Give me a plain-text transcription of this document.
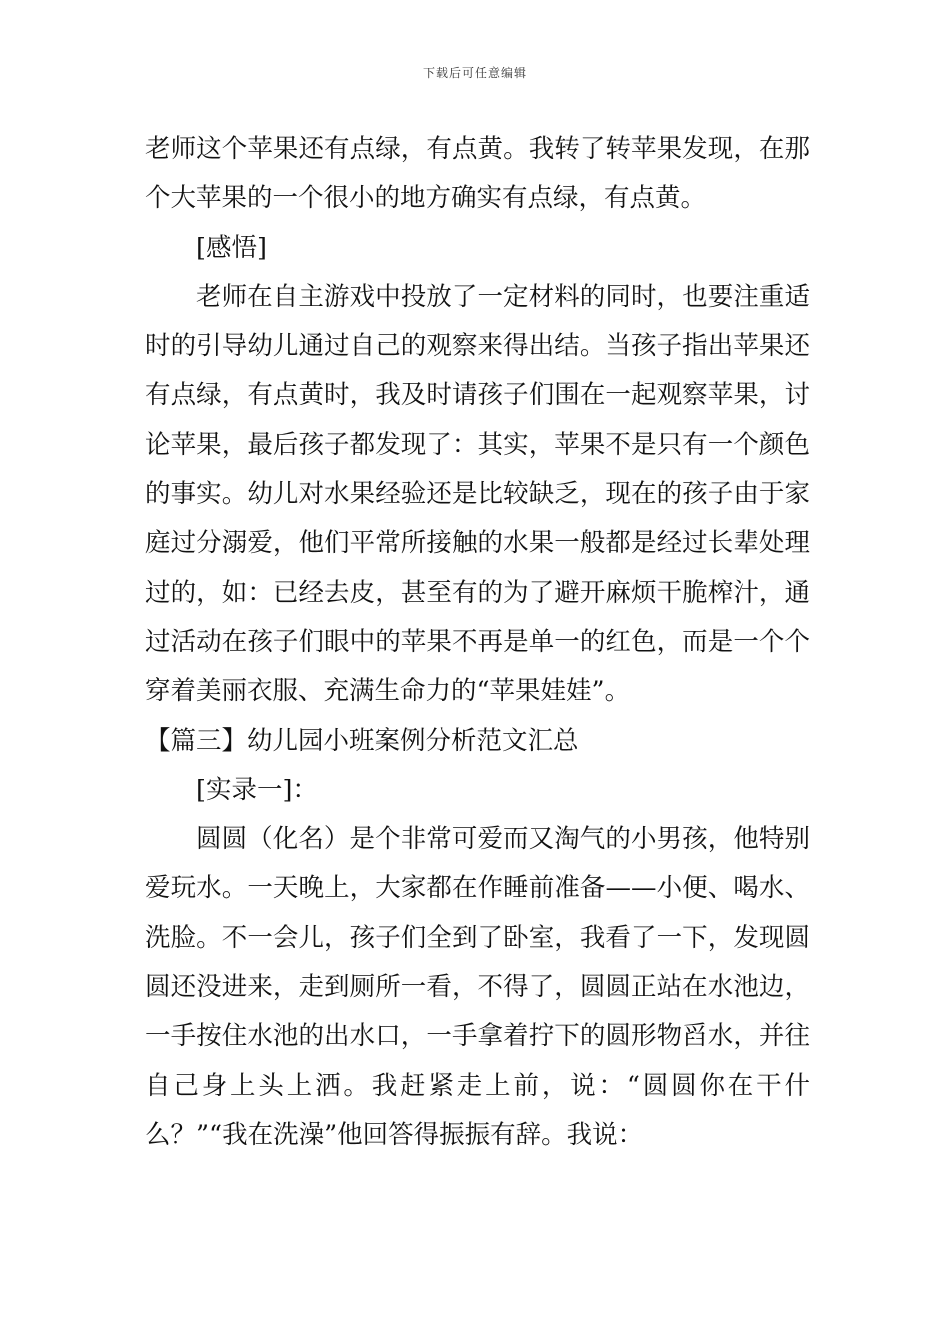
下载后可任意编辑

老师这个苹果还有点绿，有点黄。我转了转苹果发现，在那个大苹果的一个很小的地方确实有点绿，有点黄。

[感悟]

老师在自主游戏中投放了一定材料的同时，也要注重适时的引导幼儿通过自己的观察来得出结。当孩子指出苹果还有点绿，有点黄时，我及时请孩子们围在一起观察苹果，讨论苹果，最后孩子都发现了：其实，苹果不是只有一个颜色的事实。幼儿对水果经验还是比较缺乏，现在的孩子由于家庭过分溺爱，他们平常所接触的水果一般都是经过长辈处理过的，如：已经去皮，甚至有的为了避开麻烦干脆榨汁，通过活动在孩子们眼中的苹果不再是单一的红色，而是一个个穿着美丽衣服、充满生命力的“苹果娃娃”。

【篇三】幼儿园小班案例分析范文汇总

[实录一]：

圆圆（化名）是个非常可爱而又淘气的小男孩，他特别爱玩水。一天晚上，大家都在作睡前准备——小便、喝水、洗脸。不一会儿，孩子们全到了卧室，我看了一下，发现圆圆还没进来，走到厕所一看，不得了，圆圆正站在水池边，一手按住水池的出水口，一手拿着拧下的圆形物舀水，并往自己身上头上洒。我赶紧走上前，说：“圆圆你在干什么？”“我在洗澡”他回答得振振有辞。我说：
